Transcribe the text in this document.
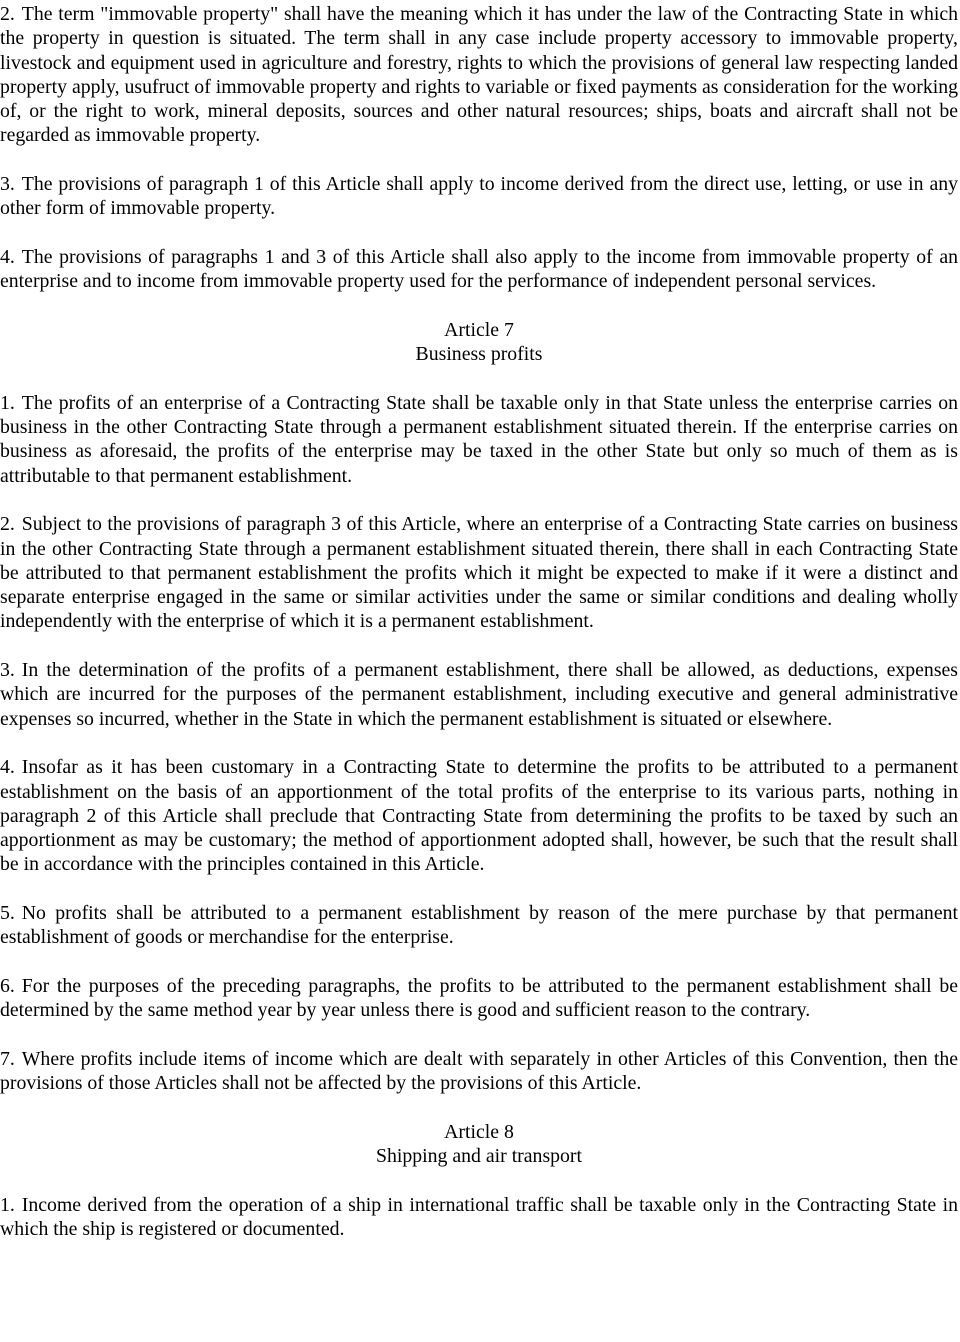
2. The term "immovable property" shall have the meaning which it has under the law of the Contracting State in which the property in question is situated. The term shall in any case include property accessory to immovable property, livestock and equipment used in agriculture and forestry, rights to which the provisions of general law respecting landed property apply, usufruct of immovable property and rights to variable or fixed payments as consideration for the working of, or the right to work, mineral deposits, sources and other natural resources; ships, boats and aircraft shall not be regarded as immovable property.

3. The provisions of paragraph 1 of this Article shall apply to income derived from the direct use, letting, or use in any other form of immovable property.

4. The provisions of paragraphs 1 and 3 of this Article shall also apply to the income from immovable property of an enterprise and to income from immovable property used for the performance of independent personal services.

Article 7
Business profits

1. The profits of an enterprise of a Contracting State shall be taxable only in that State unless the enterprise carries on business in the other Contracting State through a permanent establishment situated therein. If the enterprise carries on business as aforesaid, the profits of the enterprise may be taxed in the other State but only so much of them as is attributable to that permanent establishment.

2. Subject to the provisions of paragraph 3 of this Article, where an enterprise of a Contracting State carries on business in the other Contracting State through a permanent establishment situated therein, there shall in each Contracting State be attributed to that permanent establishment the profits which it might be expected to make if it were a distinct and separate enterprise engaged in the same or similar activities under the same or similar conditions and dealing wholly independently with the enterprise of which it is a permanent establishment.

3. In the determination of the profits of a permanent establishment, there shall be allowed, as deductions, expenses which are incurred for the purposes of the permanent establishment, including executive and general administrative expenses so incurred, whether in the State in which the permanent establishment is situated or elsewhere.

4. Insofar as it has been customary in a Contracting State to determine the profits to be attributed to a permanent establishment on the basis of an apportionment of the total profits of the enterprise to its various parts, nothing in paragraph 2 of this Article shall preclude that Contracting State from determining the profits to be taxed by such an apportionment as may be customary; the method of apportionment adopted shall, however, be such that the result shall be in accordance with the principles contained in this Article.

5. No profits shall be attributed to a permanent establishment by reason of the mere purchase by that permanent establishment of goods or merchandise for the enterprise.

6. For the purposes of the preceding paragraphs, the profits to be attributed to the permanent establishment shall be determined by the same method year by year unless there is good and sufficient reason to the contrary.

7. Where profits include items of income which are dealt with separately in other Articles of this Convention, then the provisions of those Articles shall not be affected by the provisions of this Article.

Article 8
Shipping and air transport

1. Income derived from the operation of a ship in international traffic shall be taxable only in the Contracting State in which the ship is registered or documented.
